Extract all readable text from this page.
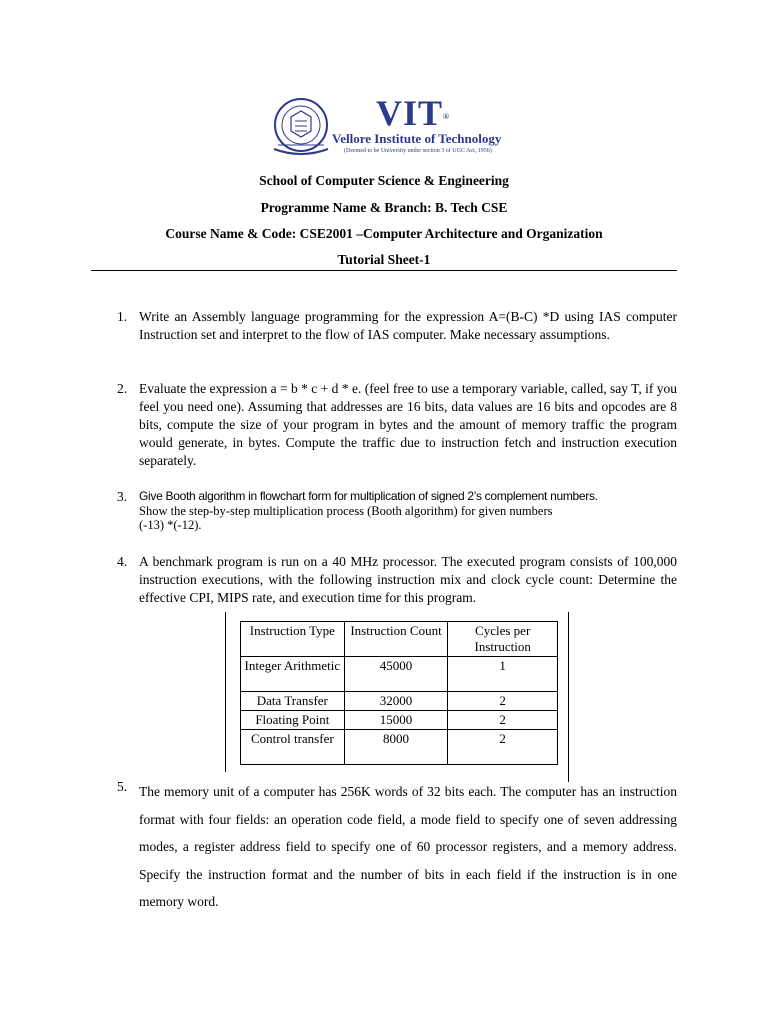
VIT®
Vellore Institute of Technology
(Deemed to be University under section 3 of UGC Act, 1956)
School of Computer Science & Engineering
Programme Name & Branch: B. Tech CSE
Course Name & Code: CSE2001 –Computer Architecture and Organization
Tutorial Sheet-1
1. Write an Assembly language programming for the expression A=(B-C) *D using IAS computer Instruction set and interpret to the flow of IAS computer. Make necessary assumptions.
2. Evaluate the expression a = b * c + d * e. (feel free to use a temporary variable, called, say T, if you feel you need one). Assuming that addresses are 16 bits, data values are 16 bits and opcodes are 8 bits, compute the size of your program in bytes and the amount of memory traffic the program would generate, in bytes. Compute the traffic due to instruction fetch and instruction execution separately.
3. Give Booth algorithm in flowchart form for multiplication of signed 2’s complement numbers.

Show the step-by-step multiplication process (Booth algorithm) for given numbers

(-13) *(-12).

4. A benchmark program is run on a 40 MHz processor. The executed program consists of 100,000 instruction executions, with the following instruction mix and clock cycle count: Determine the effective CPI, MIPS rate, and execution time for this program.
Instruction Type	Instruction Count	Cycles per Instruction
Integer Arithmetic	45000	1
Data Transfer	32000	2
Floating Point	15000	2
Control transfer	8000	2
5. The memory unit of a computer has 256K words of 32 bits each. The computer has an instruction format with four fields: an operation code field, a mode field to specify one of seven addressing modes, a register address field to specify one of 60 processor registers, and a memory address. Specify the instruction format and the number of bits in each field if the instruction is in one memory word.
